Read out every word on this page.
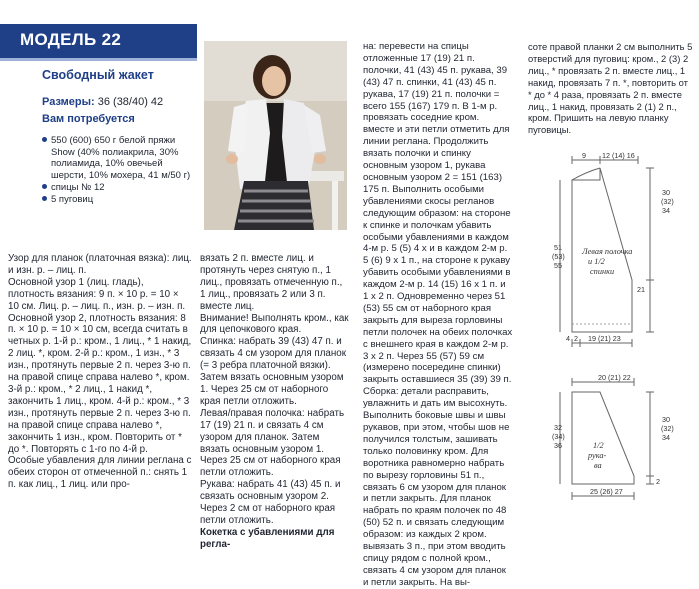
МОДЕЛЬ 22
Свободный жакет
Размеры: 36 (38/40) 42
Вам потребуется
550 (600) 650 г белой пряжи Show (40% полиакрила, 30% полиамида, 10% овечьей шерсти, 10% мохера, 41 м/50 г)
спицы № 12
5 пуговиц

Узор для планок (платочная вязка): лиц. и изн. р. – лиц. п.

Основной узор 1 (лиц. гладь), плотность вязания: 9 п. × 10 р. = 10 × 10 см. Лиц. р. – лиц. п., изн. р. – изн. п.

Основной узор 2, плотность вязания: 8 п. × 10 р. = 10 × 10 см, всегда считать в четных р. 1-й р.: кром., 1 лиц., * 1 накид, 2 лиц. *, кром. 2-й р.: кром., 1 изн., * 3 изн., протянуть первые 2 п. через 3-ю п. на правой спице справа налево *, кром. 3-й р.: кром., * 2 лиц., 1 накид *, закончить 1 лиц., кром. 4-й р.: кром., * 3 изн., протянуть первые 2 п. через 3-ю п. на правой спице справа налево *, закончить 1 изн., кром. Повторить от * до *. Повторять с 1-го по 4-й р.

Особые убавления для линии реглана с обеих сторон от отмеченной п.: снять 1 п. как лиц., 1 лиц. или про-

вязать 2 п. вместе лиц. и протянуть через снятую п., 1 лиц., провязать отмеченную п., 1 лиц., провязать 2 или 3 п. вместе лиц.

Внимание! Выполнять кром., как для цепочкового края.

Спинка: набрать 39 (43) 47 п. и связать 4 см узором для планок (= 3 ребра платочной вязки). Затем вязать основным узором 1. Через 25 см от наборного края петли отложить.

Левая/правая полочка: набрать 17 (19) 21 п. и связать 4 см узором для планок. Затем вязать основным узором 1. Через 25 см от наборного края петли отложить.

Рукава: набрать 41 (43) 45 п. и связать основным узором 2. Через 2 см от наборного края петли отложить.

Кокетка с убавлениями для регла-

на: перевести на спицы отложенные 17 (19) 21 п. полочки, 41 (43) 45 п. рукава, 39 (43) 47 п. спинки, 41 (43) 45 п. рукава, 17 (19) 21 п. полочки = всего 155 (167) 179 п. В 1-м р. провязать соседние кром. вместе и эти петли отметить для линии реглана. Продолжить вязать полочки и спинку основным узором 1, рукава основным узором 2 = 151 (163) 175 п. Выполнить особыми убавлениями скосы регланов следующим образом: на стороне к спинке и полочкам убавить особыми убавлениями в каждом 4-м р. 5 (5) 4 х и в каждом 2-м р. 5 (6) 9 х 1 п., на стороне к рукаву убавить особыми убавлениями в каждом 2-м р. 14 (15) 16 х 1 п. и 1 х 2 п. Одновременно через 51 (53) 55 см от наборного края закрыть для выреза горловины петли полочек на обеих полочках с внешнего края в каждом 2-м р. 3 х 2 п. Через 55 (57) 59 см (измерено посередине спинки) закрыть оставшиеся 35 (39) 39 п.

Сборка: детали расправить, увлажнить и дать им высохнуть. Выполнить боковые швы и швы рукавов, при этом, чтобы шов не получился толстым, зашивать только половинку кром. Для воротника равномерно набрать по вырезу горловины 51 п., связать 6 см узором для планок и петли закрыть. Для планок набрать по краям полочек по 48 (50) 52 п. и связать следующим образом: из каждых 2 кром. вывязать 3 п., при этом вводить спицу рядом с полной кром., связать 4 см узором для планок и петли закрыть. На вы-

соте правой планки 2 см выполнить 5 отверстий для пуговиц: кром., 2 (3) 2 лиц., * провязать 2 п. вместе лиц., 1 накид, провязать 7 п. *, повторить от * до * 4 раза, провязать 2 п. вместе лиц., 1 накид, провязать 2 (1) 2 п., кром. Пришить на левую планку пуговицы.
9 12 (14) 16
30
(32)
34
51
(53)
55
21
2 19 (21) 23
4
Левая полочка
и 1/2
спинки
20 (21) 22
32
(34)
36
30
(32)
34
2
25 (26) 27
1/2
рука-
ва
